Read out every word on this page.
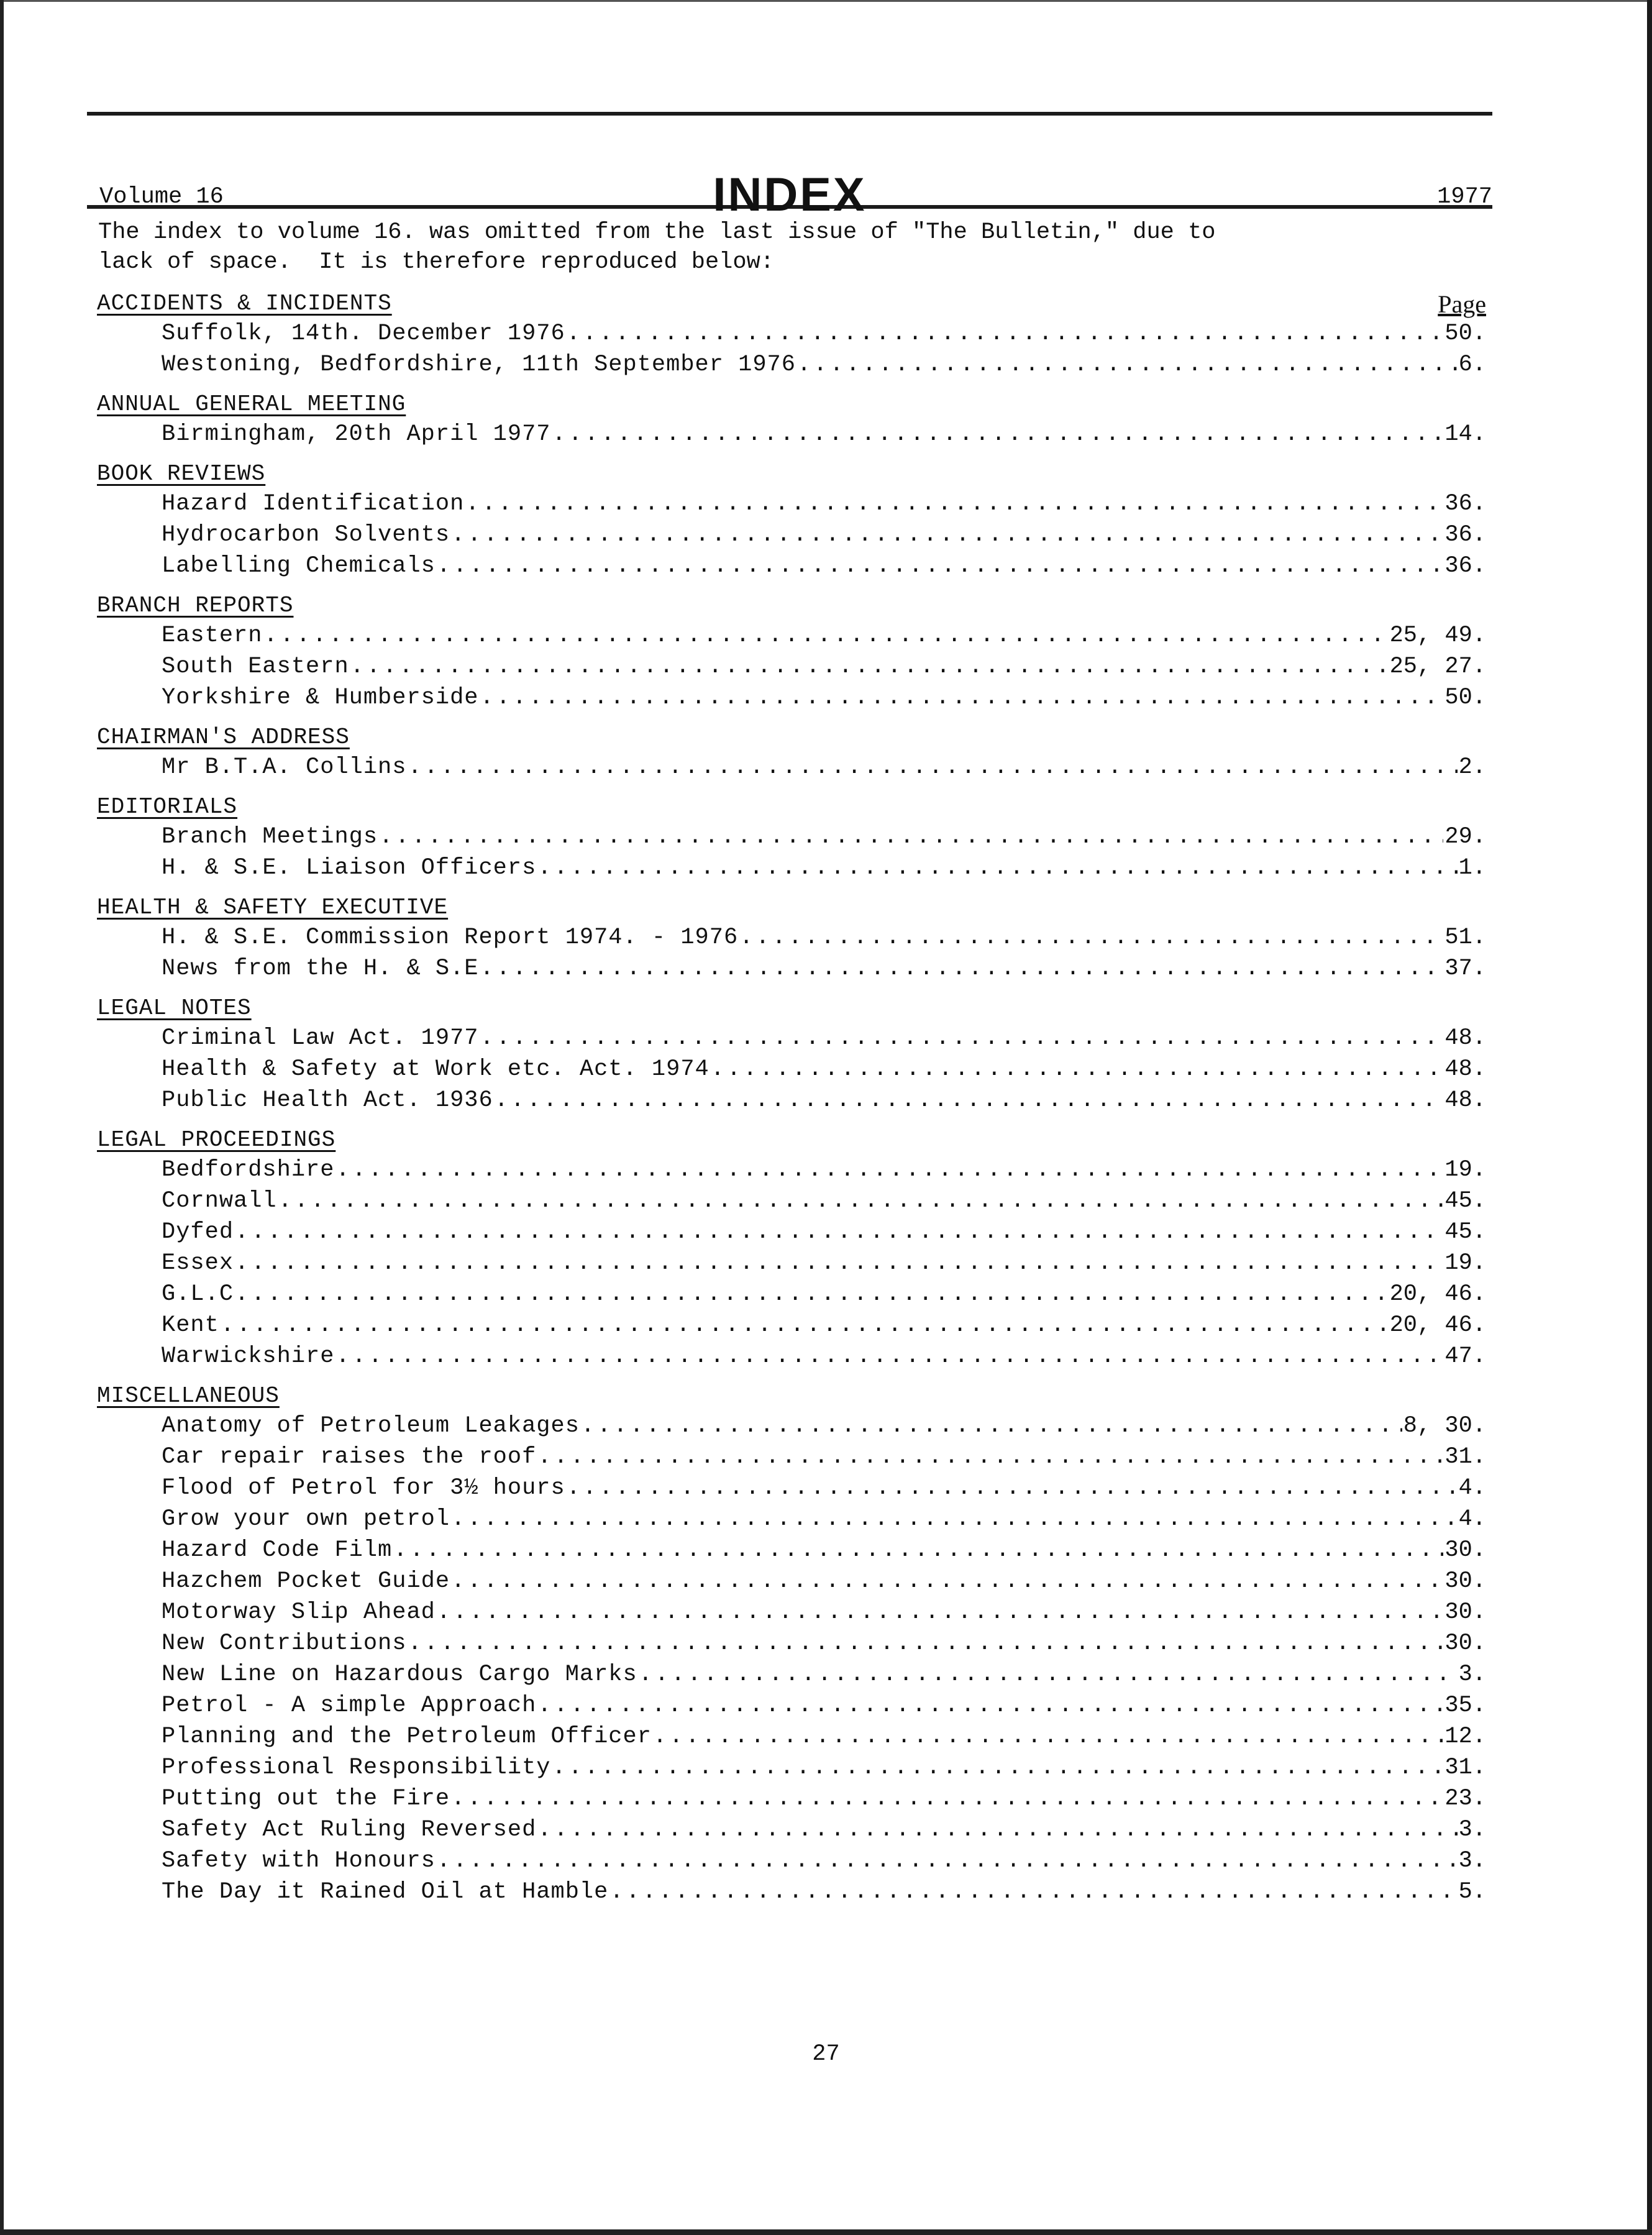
Volume 16	INDEX	1977
The index to volume 16. was omitted from the last issue of "The Bulletin," due to
lack of space.  It is therefore reproduced below:
Page
ACCIDENTS & INCIDENTS
Suffolk, 14th. December 1976 .....	50.
Westoning, Bedfordshire, 11th September 1976 .....	6.
ANNUAL GENERAL MEETING
Birmingham, 20th April 1977 .....	14.
BOOK REVIEWS
Hazard Identification .....	36.
Hydrocarbon Solvents .....	36.
Labelling Chemicals .....	36.
BRANCH REPORTS
Eastern .....	25, 49.
South Eastern .....	25, 27.
Yorkshire & Humberside .....	50.
CHAIRMAN'S ADDRESS
Mr B.T.A. Collins .....	2.
EDITORIALS
Branch Meetings .....	29.
H. & S.E. Liaison Officers .....	1.
HEALTH & SAFETY EXECUTIVE
H. & S.E. Commission Report 1974. - 1976 .....	51.
News from the H. & S.E .....	37.
LEGAL NOTES
Criminal Law Act. 1977 .....	48.
Health & Safety at Work etc. Act. 1974 .....	48.
Public Health Act. 1936 .....	48.
LEGAL PROCEEDINGS
Bedfordshire .....	19.
Cornwall .....	45.
Dyfed .....	45.
Essex .....	19.
G.L.C .....	20, 46.
Kent .....	20, 46.
Warwickshire .....	47.
MISCELLANEOUS
Anatomy of Petroleum Leakages .....	8, 30.
Car repair raises the roof .....	31.
Flood of Petrol for 3½ hours .....	4.
Grow your own petrol .....	4.
Hazard Code Film .....	30.
Hazchem Pocket Guide .....	30.
Motorway Slip Ahead .....	30.
New Contributions .....	30.
New Line on Hazardous Cargo Marks .....	3.
Petrol - A simple Approach .....	35.
Planning and the Petroleum Officer .....	12.
Professional Responsibility .....	31.
Putting out the Fire .....	23.
Safety Act Ruling Reversed .....	3.
Safety with Honours .....	3.
The Day it Rained Oil at Hamble .....	5.
27
